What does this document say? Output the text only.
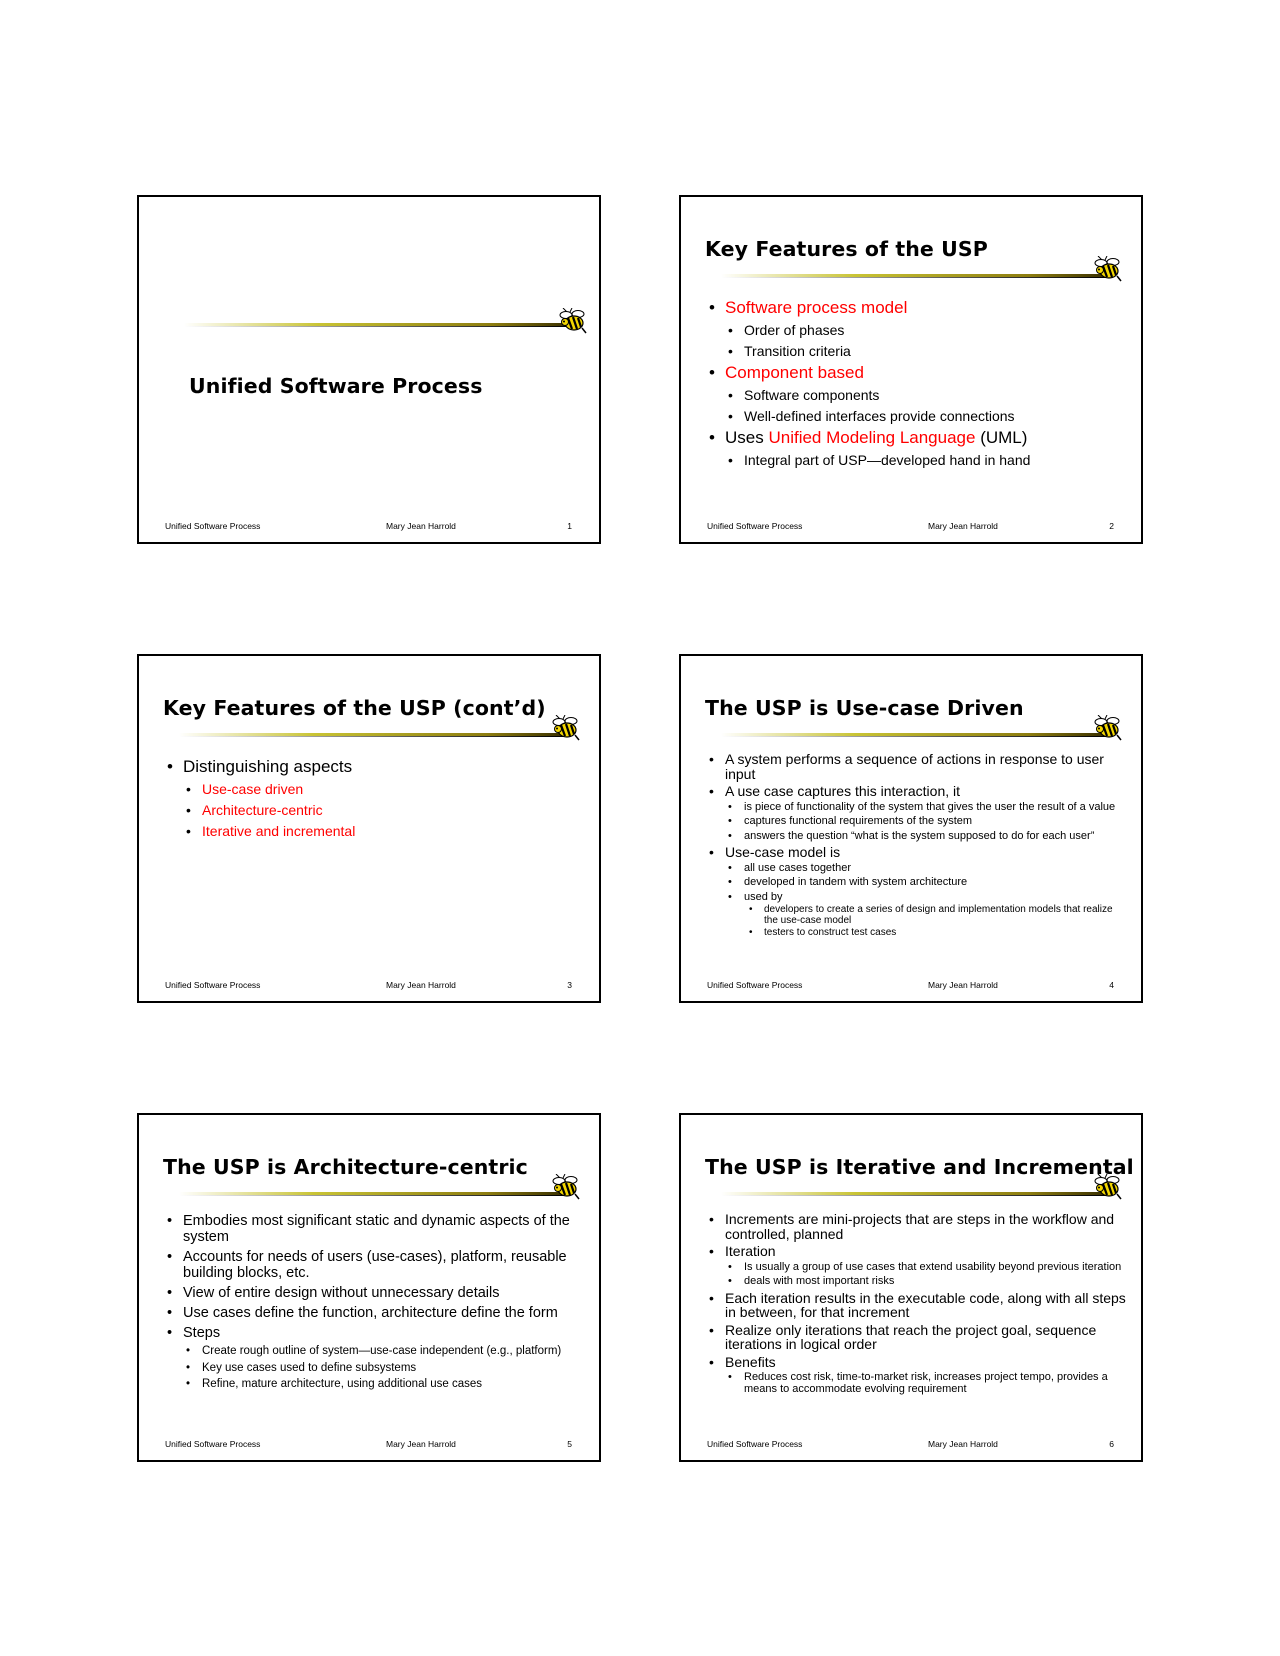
Unified Software Process
Unified Software Process	Mary Jean Harrold	1
Key Features of the USP
• Software process model
• Order of phases
• Transition criteria
• Component based
• Software components
• Well-defined interfaces provide connections
• Uses Unified Modeling Language (UML)
• Integral part of USP—developed hand in hand
Unified Software Process	Mary Jean Harrold	2
Key Features of the USP (cont’d)
• Distinguishing aspects
• Use-case driven
• Architecture-centric
• Iterative and incremental
Unified Software Process	Mary Jean Harrold	3
The USP is Use-case Driven
• A system performs a sequence of actions in response to user input
• A use case captures this interaction, it
• is piece of functionality of the system that gives the user the result of a value
• captures functional requirements of the system
• answers the question “what is the system supposed to do for each user”
• Use-case model is
• all use cases together
• developed in tandem with system architecture
• used by
• developers to create a series of design and implementation models that realize the use-case model
• testers to construct test cases
Unified Software Process	Mary Jean Harrold	4
The USP is Architecture-centric
• Embodies most significant static and dynamic aspects of the system
• Accounts for needs of users (use-cases), platform, reusable building blocks, etc.
• View of entire design without unnecessary details
• Use cases define the function, architecture define the form
• Steps
• Create rough outline of system—use-case independent (e.g., platform)
• Key use cases used to define subsystems
• Refine, mature architecture, using additional use cases
Unified Software Process	Mary Jean Harrold	5
The USP is Iterative and Incremental
• Increments are mini-projects that are steps in the workflow and controlled, planned
• Iteration
• Is usually a group of use cases that extend usability beyond previous iteration
• deals with most important risks
• Each iteration results in the executable code, along with all steps in between, for that increment
• Realize only iterations that reach the project goal, sequence iterations in logical order
• Benefits
• Reduces cost risk, time-to-market risk, increases project tempo, provides a means to accommodate evolving requirement
Unified Software Process	Mary Jean Harrold	6
